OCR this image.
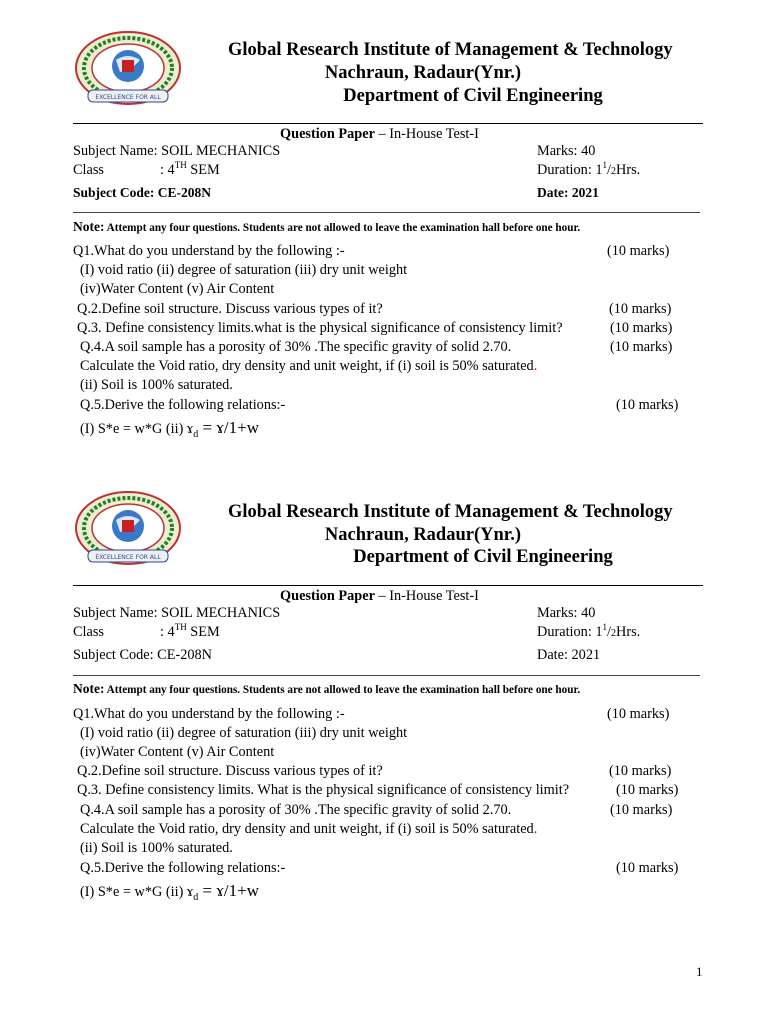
EXCELLENCE FOR ALL
Global Research Institute of Management & Technology
Nachraun, Radaur(Ynr.)
Department of Civil Engineering
Question Paper – In-House Test-I
Subject Name: SOIL MECHANICS	Marks: 40
Class	: 4TH SEM	Duration: $1^1/2Hrs$.
Subject Code: CE-208N	Date: 2021
Note: Attempt any four questions. Students are not allowed to leave the examination hall before one hour.
Q1.What do you understand by the following :-	(10 marks)
(I) void ratio (ii) degree of saturation (iii) dry unit weight
(iv)Water Content (v) Air Content
Q.2.Define soil structure. Discuss various types of it?	(10 marks)
Q.3. Define consistency limits.what is the physical significance of consistency limit?	(10 marks)
Q.4.A soil sample has a porosity of 30% .The specific gravity of solid 2.70.	(10 marks)
Calculate the Void ratio, dry density and unit weight, if (i) soil is 50% saturated.
(ii) Soil is 100% saturated.
Q.5.Derive the following relations:-	(10 marks)
(I) S*e = w*G (ii) ɤ$_d$ = ɤ/1+w
EXCELLENCE FOR ALL
Global Research Institute of Management & Technology
Nachraun, Radaur(Ynr.)
Department of Civil Engineering
Question Paper – In-House Test-I
Subject Name: SOIL MECHANICS	Marks: 40
Class	: 4TH SEM	Duration: $1^1/2Hrs$.
Subject Code: CE-208N	Date: 2021
Note: Attempt any four questions. Students are not allowed to leave the examination hall before one hour.
Q1.What do you understand by the following :-	(10 marks)
(I) void ratio (ii) degree of saturation (iii) dry unit weight
(iv)Water Content (v) Air Content
Q.2.Define soil structure. Discuss various types of it?	(10 marks)
Q.3. Define consistency limits. What is the physical significance of consistency limit?	(10 marks)
Q.4.A soil sample has a porosity of 30% .The specific gravity of solid 2.70.	(10 marks)
Calculate the Void ratio, dry density and unit weight, if (i) soil is 50% saturated.
(ii) Soil is 100% saturated.
Q.5.Derive the following relations:-	(10 marks)
(I) S*e = w*G (ii) ɤ$_d$ = ɤ/1+w
1
